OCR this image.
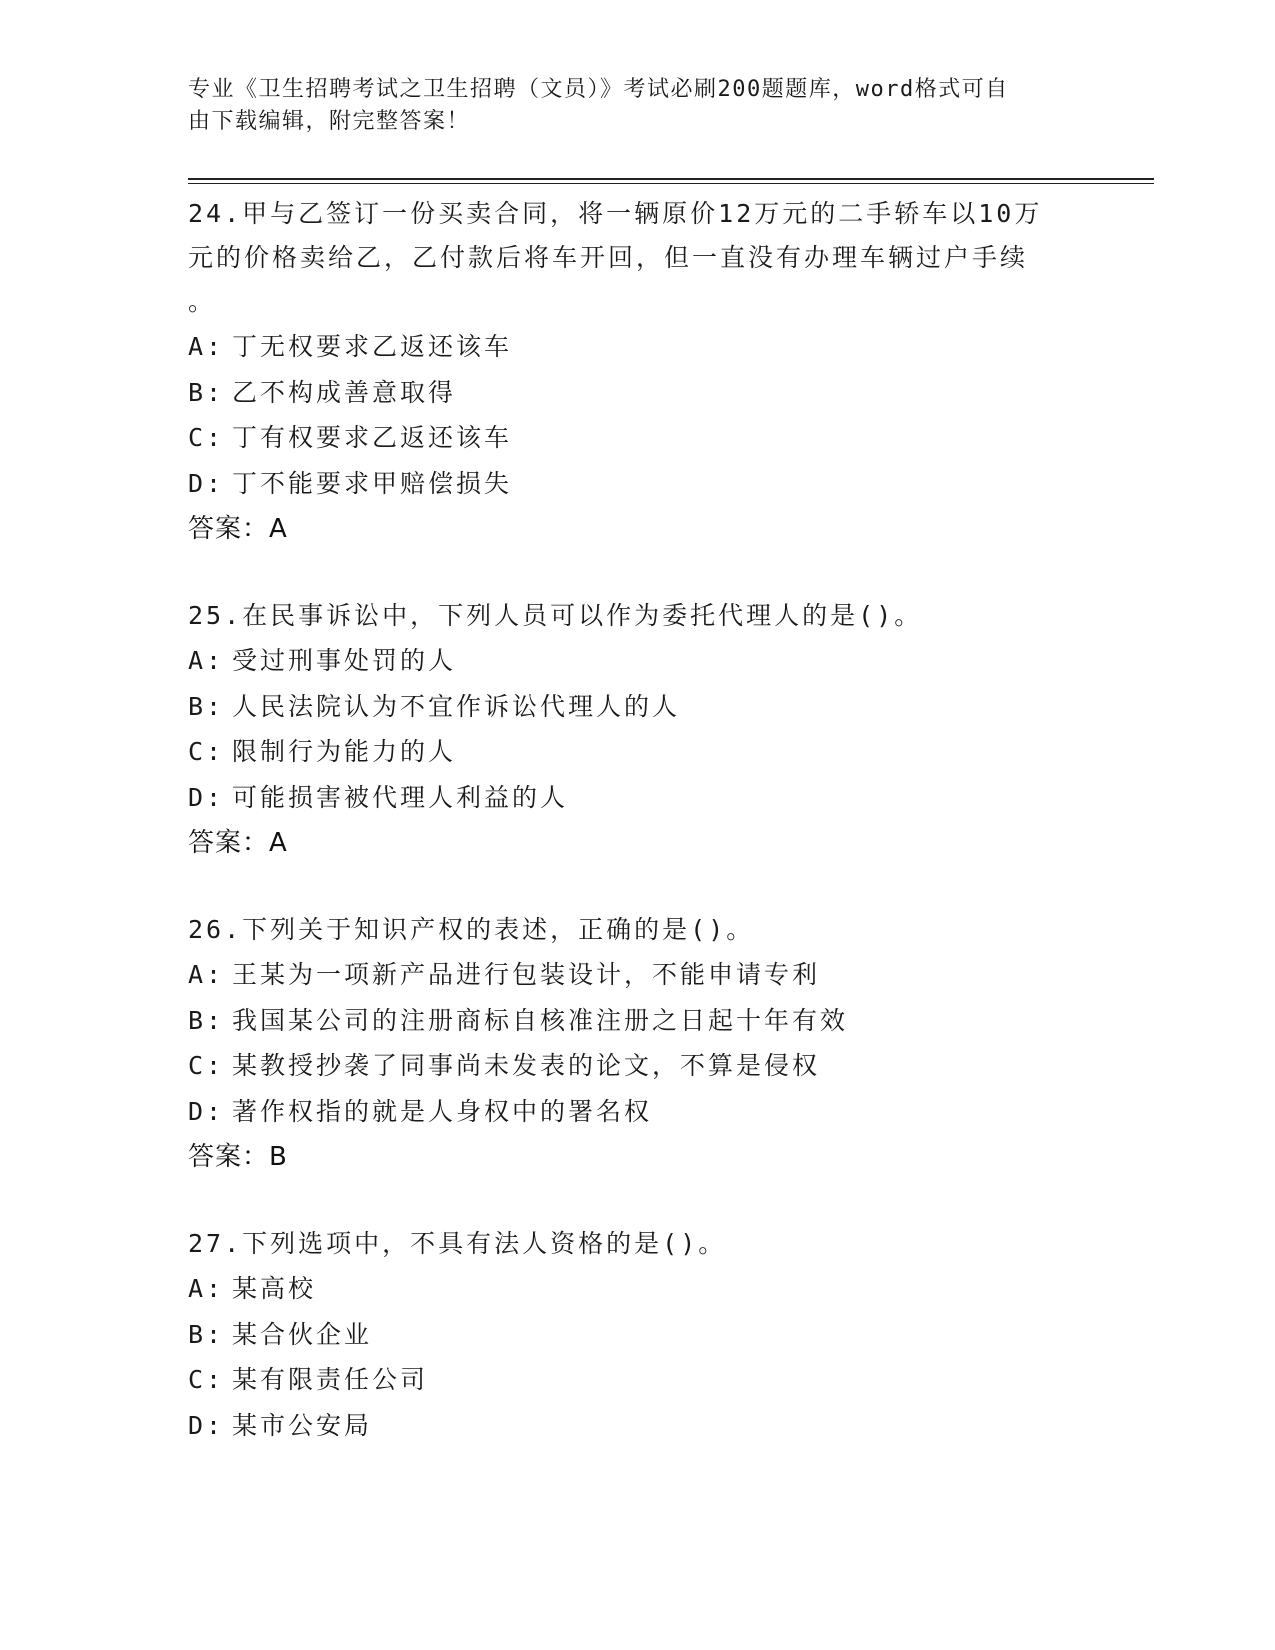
专业《卫生招聘考试之卫生招聘（文员）》考试必刷200题题库，word格式可自
由下载编辑，附完整答案！
24.甲与乙签订一份买卖合同，将一辆原价12万元的二手轿车以10万
元的价格卖给乙，乙付款后将车开回，但一直没有办理车辆过户手续
。
A: 丁无权要求乙返还该车
B: 乙不构成善意取得
C: 丁有权要求乙返还该车
D: 丁不能要求甲赔偿损失
答案：A
25.在民事诉讼中，下列人员可以作为委托代理人的是()。
A: 受过刑事处罚的人
B: 人民法院认为不宜作诉讼代理人的人
C: 限制行为能力的人
D: 可能损害被代理人利益的人
答案：A
26.下列关于知识产权的表述，正确的是()。
A: 王某为一项新产品进行包装设计，不能申请专利
B: 我国某公司的注册商标自核准注册之日起十年有效
C: 某教授抄袭了同事尚未发表的论文，不算是侵权
D: 著作权指的就是人身权中的署名权
答案：B
27.下列选项中，不具有法人资格的是()。
A: 某高校
B: 某合伙企业
C: 某有限责任公司
D: 某市公安局
